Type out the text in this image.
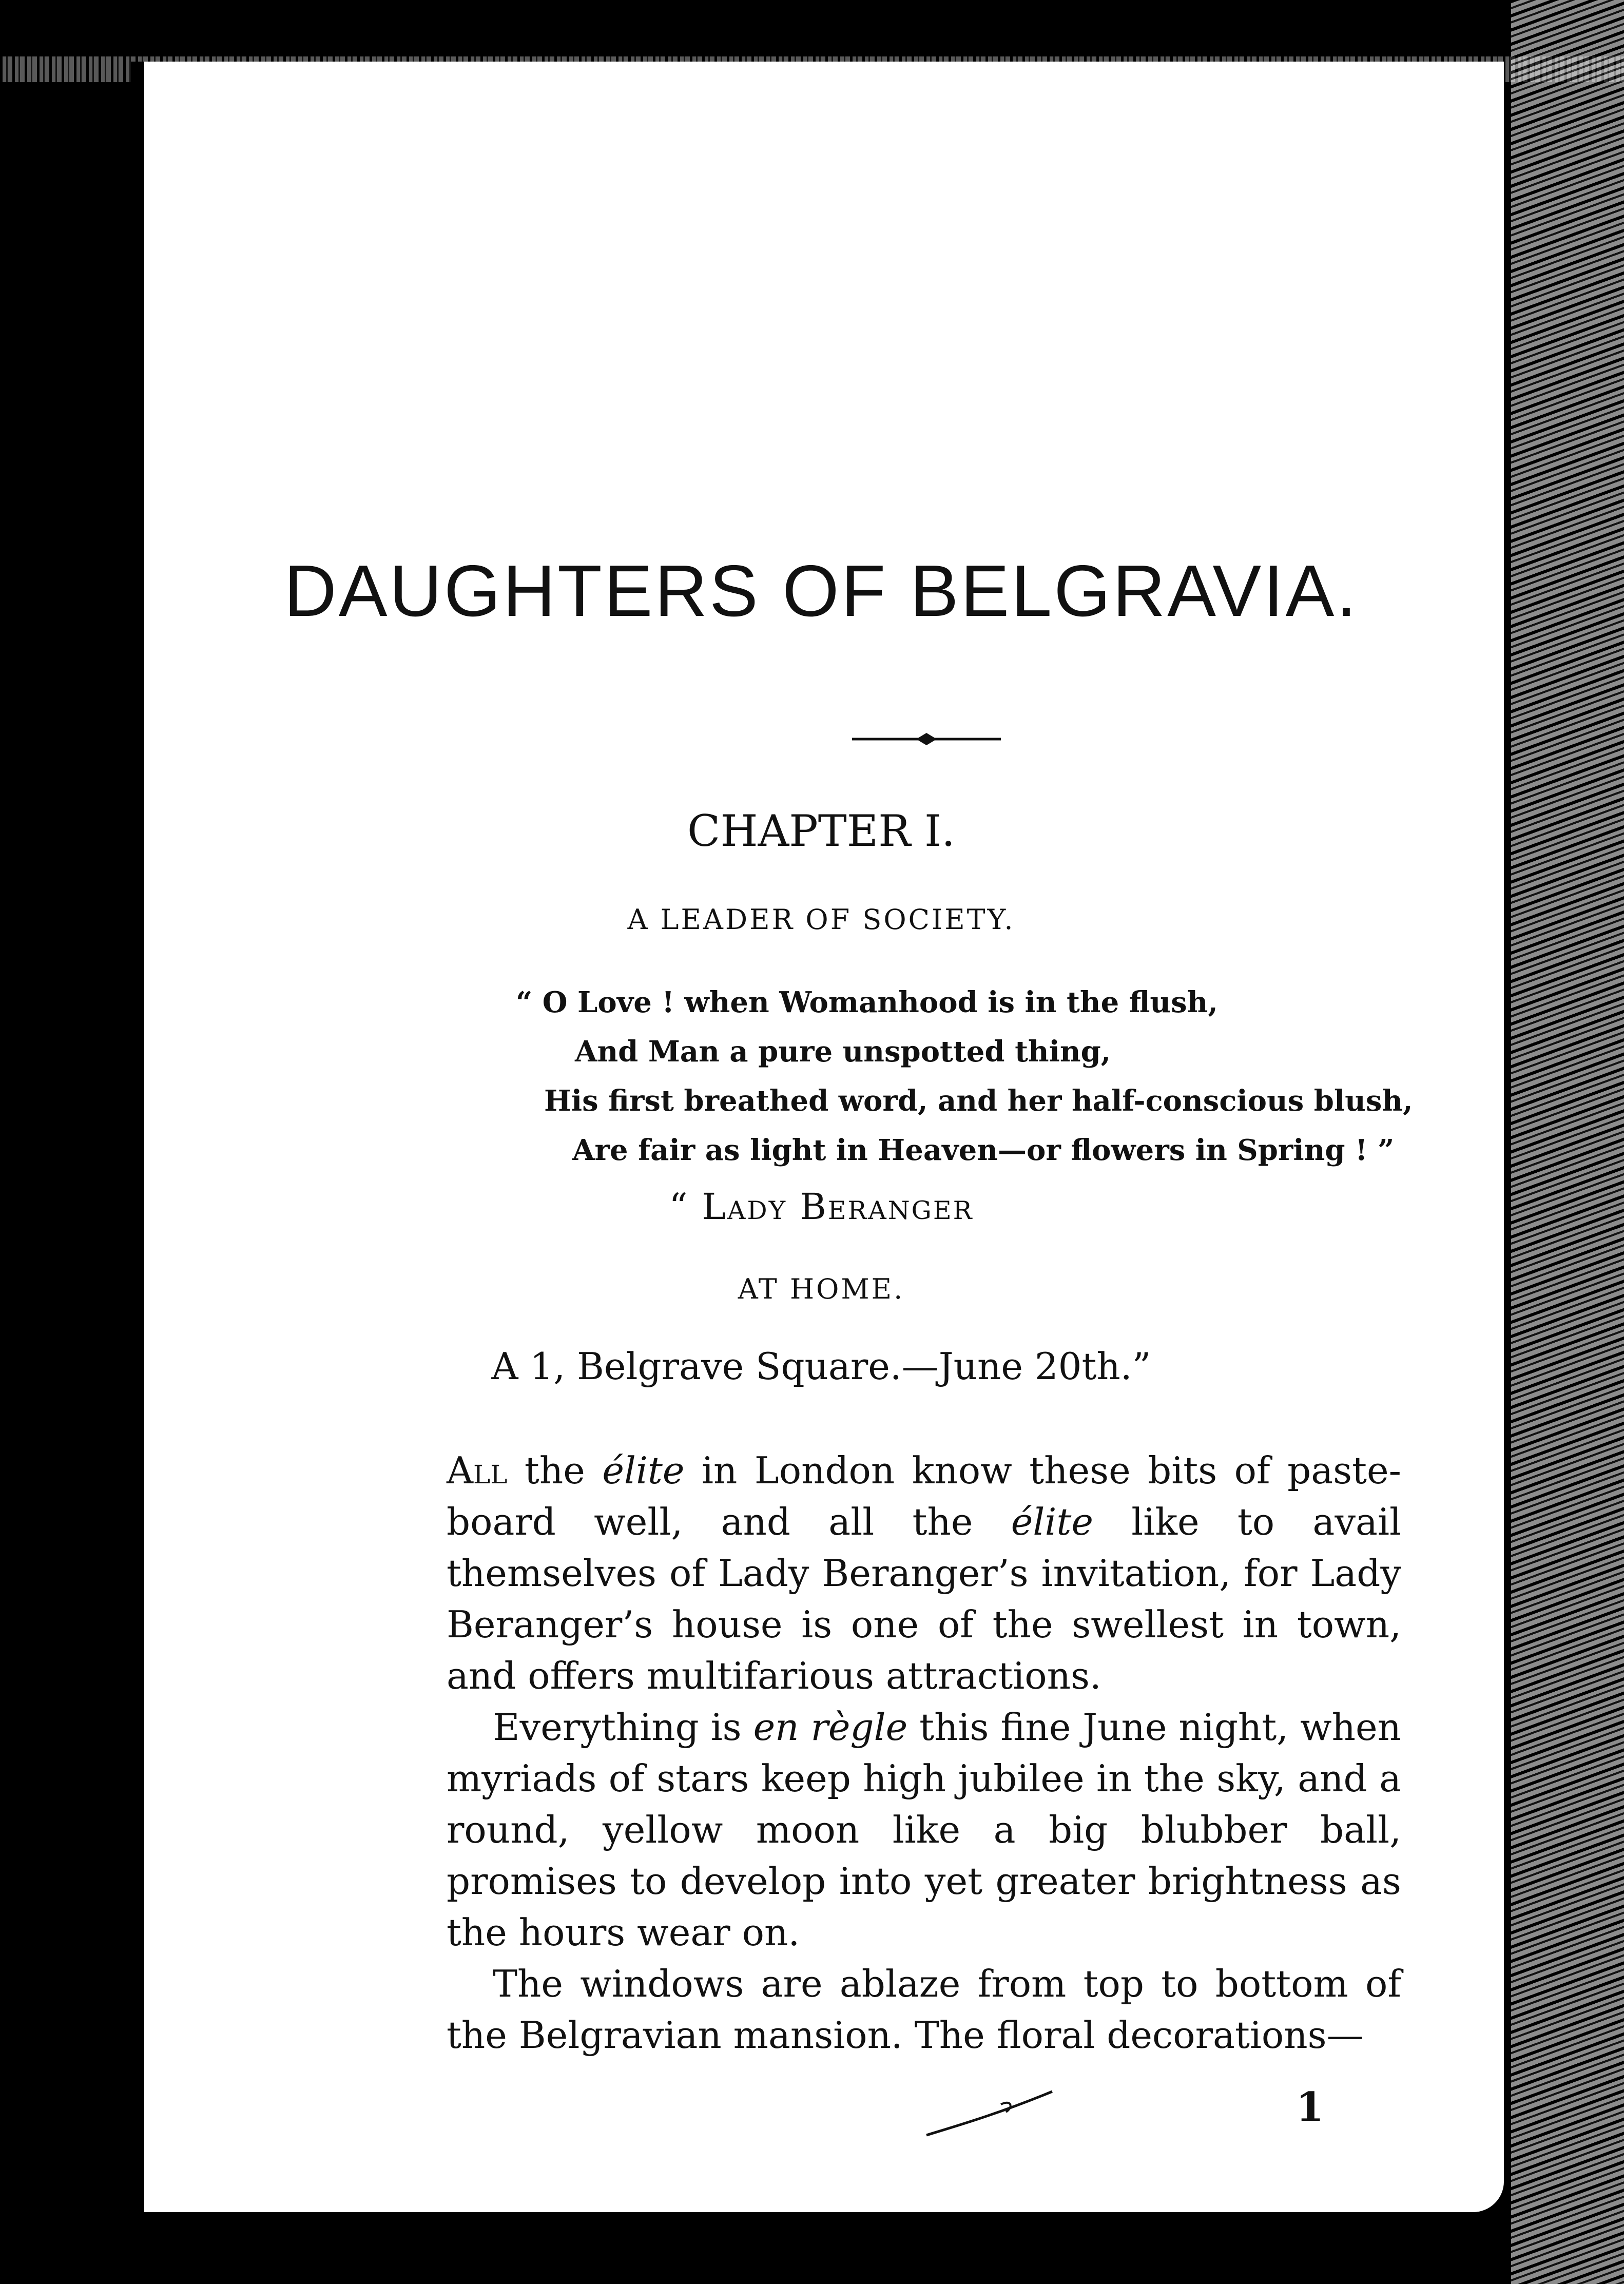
DAUGHTERS OF BELGRAVIA.
CHAPTER I.
A LEADER OF SOCIETY.
“ O Love ! when Womanhood is in the flush,
And Man a pure unspotted thing,
His first breathed word, and her half-conscious blush,
Are fair as light in Heaven—or flowers in Spring ! ”
“ Lady Beranger
AT HOME.
A 1, Belgrave Square.—June 20th.”

All the élite in London know these bits of paste-board well, and all the élite like to avail themselves of Lady Beranger’s invitation, for Lady Beranger’s house is one of the swellest in town, and offers multifarious attractions.

Everything is en règle this fine June night, when myriads of stars keep high jubilee in the sky, and a round, yellow moon like a big blubber ball, promises to develop into yet greater brightness as the hours wear on.

The windows are ablaze from top to bottom of the Belgravian mansion. The floral decorations—

1
